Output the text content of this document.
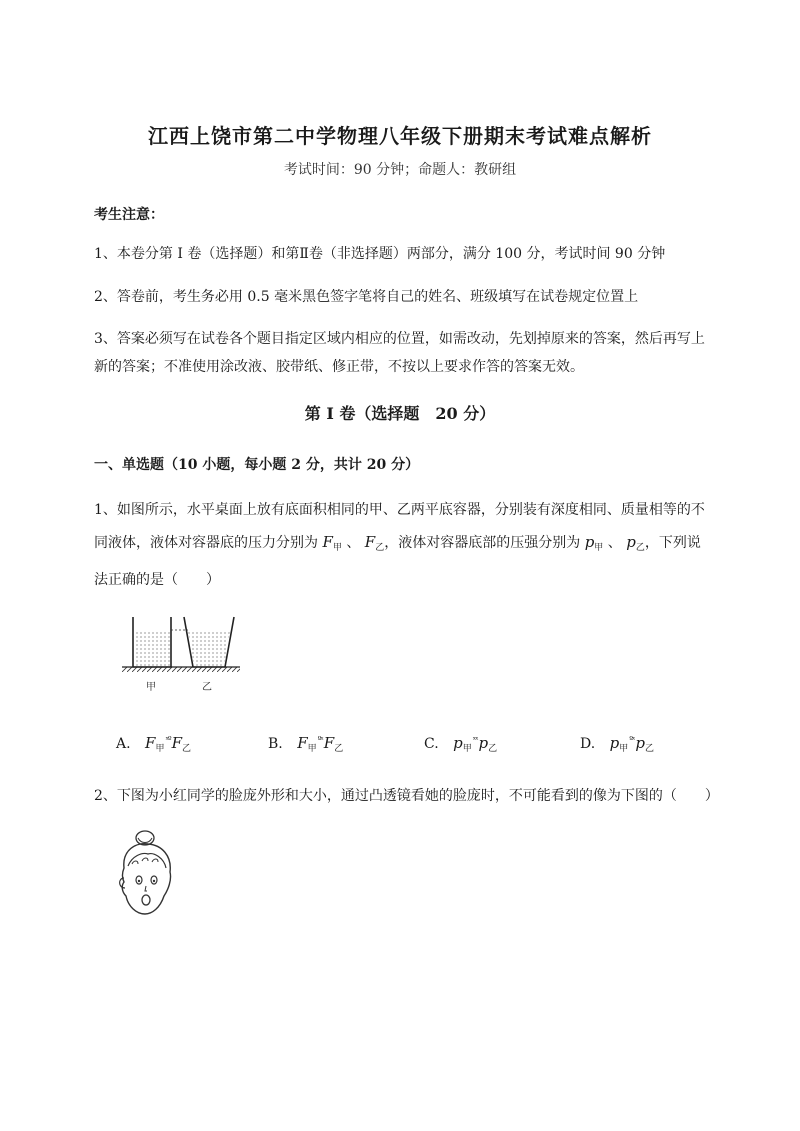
江西上饶市第二中学物理八年级下册期末考试难点解析
考试时间：90 分钟；命题人：教研组
考生注意：
1、本卷分第 I 卷（选择题）和第Ⅱ卷（非选择题）两部分，满分 100 分，考试时间 90 分钟
2、答卷前，考生务必用 0.5 毫米黑色签字笔将自己的姓名、班级填写在试卷规定位置上
3、答案必须写在试卷各个题目指定区域内相应的位置，如需改动，先划掉原来的答案，然后再写上新的答案；不准使用涂改液、胶带纸、修正带，不按以上要求作答的答案无效。
第 I 卷（选择题　20 分）
一、单选题（10 小题，每小题 2 分，共计 20 分）
1、如图所示，水平桌面上放有底面积相同的甲、乙两平底容器，分别装有深度相同、质量相等的不同液体，液体对容器底的压力分别为 $F_甲$ 、 $F_乙$，液体对容器底部的压强分别为 $p_甲$ 、 $p_乙$，下列说法正确的是（　　）
甲	乙
A. $F_甲^{ˣº}F_乙$	B. $F_甲^{ºˣ}F_乙$	C. $p_甲^{ˣˣ}p_乙$	D. $p_甲^{ºˣ}p_乙$
2、下图为小红同学的脸庞外形和大小，通过凸透镜看她的脸庞时，不可能看到的像为下图的（　　）
